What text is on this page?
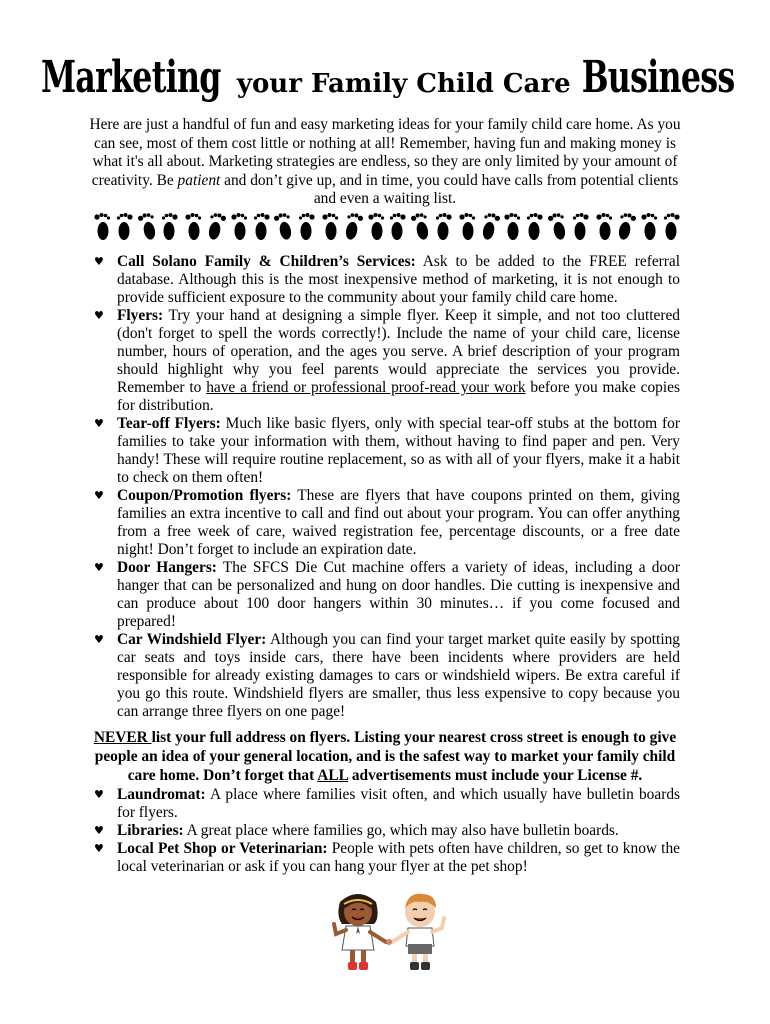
Marketing your Family Child Care Business
Here are just a handful of fun and easy marketing ideas for your family child care home. As you can see, most of them cost little or nothing at all! Remember, having fun and making money is what it's all about. Marketing strategies are endless, so they are only limited by your amount of creativity. Be patient and don’t give up, and in time, you could have calls from potential clients and even a waiting list.
♥ Call Solano Family & Children’s Services: Ask to be added to the FREE referral database. Although this is the most inexpensive method of marketing, it is not enough to provide sufficient exposure to the community about your family child care home.
♥ Flyers: Try your hand at designing a simple flyer. Keep it simple, and not too cluttered (don't forget to spell the words correctly!). Include the name of your child care, license number, hours of operation, and the ages you serve. A brief description of your program should highlight why you feel parents would appreciate the services you provide. Remember to have a friend or professional proof-read your work before you make copies for distribution.
♥ Tear-off Flyers: Much like basic flyers, only with special tear-off stubs at the bottom for families to take your information with them, without having to find paper and pen. Very handy! These will require routine replacement, so as with all of your flyers, make it a habit to check on them often!
♥ Coupon/Promotion flyers: These are flyers that have coupons printed on them, giving families an extra incentive to call and find out about your program. You can offer anything from a free week of care, waived registration fee, percentage discounts, or a free date night! Don’t forget to include an expiration date.
♥ Door Hangers: The SFCS Die Cut machine offers a variety of ideas, including a door hanger that can be personalized and hung on door handles. Die cutting is inexpensive and can produce about 100 door hangers within 30 minutes… if you come focused and prepared!
♥ Car Windshield Flyer: Although you can find your target market quite easily by spotting car seats and toys inside cars, there have been incidents where providers are held responsible for already existing damages to cars or windshield wipers. Be extra careful if you go this route. Windshield flyers are smaller, thus less expensive to copy because you can arrange three flyers on one page!
NEVER list your full address on flyers. Listing your nearest cross street is enough to give people an idea of your general location, and is the safest way to market your family child care home. Don’t forget that ALL advertisements must include your License #.
♥ Laundromat: A place where families visit often, and which usually have bulletin boards for flyers.
♥ Libraries: A great place where families go, which may also have bulletin boards.
♥ Local Pet Shop or Veterinarian: People with pets often have children, so get to know the local veterinarian or ask if you can hang your flyer at the pet shop!
